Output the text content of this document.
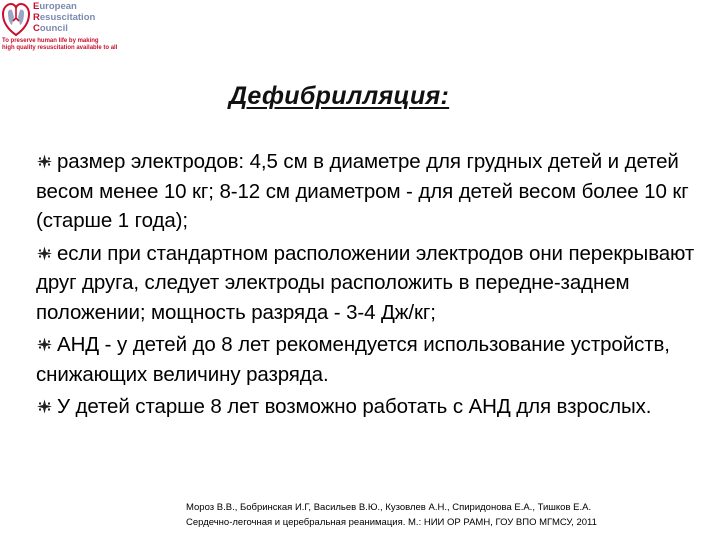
European
Resuscitation
Council
To preserve human life by making
high quality resuscitation available to all
Дефибрилляция:

размер электродов: 4,5 см в диаметре для грудных детей и детей весом менее 10 кг; 8-12 см диаметром - для детей весом более 10 кг (старше 1 года);

если при стандартном расположении электродов они перекрывают друг друга, следует электроды расположить в передне-заднем положении; мощность разряда - 3-4 Дж/кг;

АНД - у детей до 8 лет рекомендуется использование устройств, снижающих величину разряда.

У детей старше 8 лет возможно работать с АНД для взрослых.

Мороз В.В., Бобринская И.Г, Васильев В.Ю., Кузовлев А.Н., Спиридонова Е.А., Тишков Е.А.
Сердечно-легочная и церебральная реанимация. М.: НИИ ОР РАМН, ГОУ ВПО МГМСУ, 2011
